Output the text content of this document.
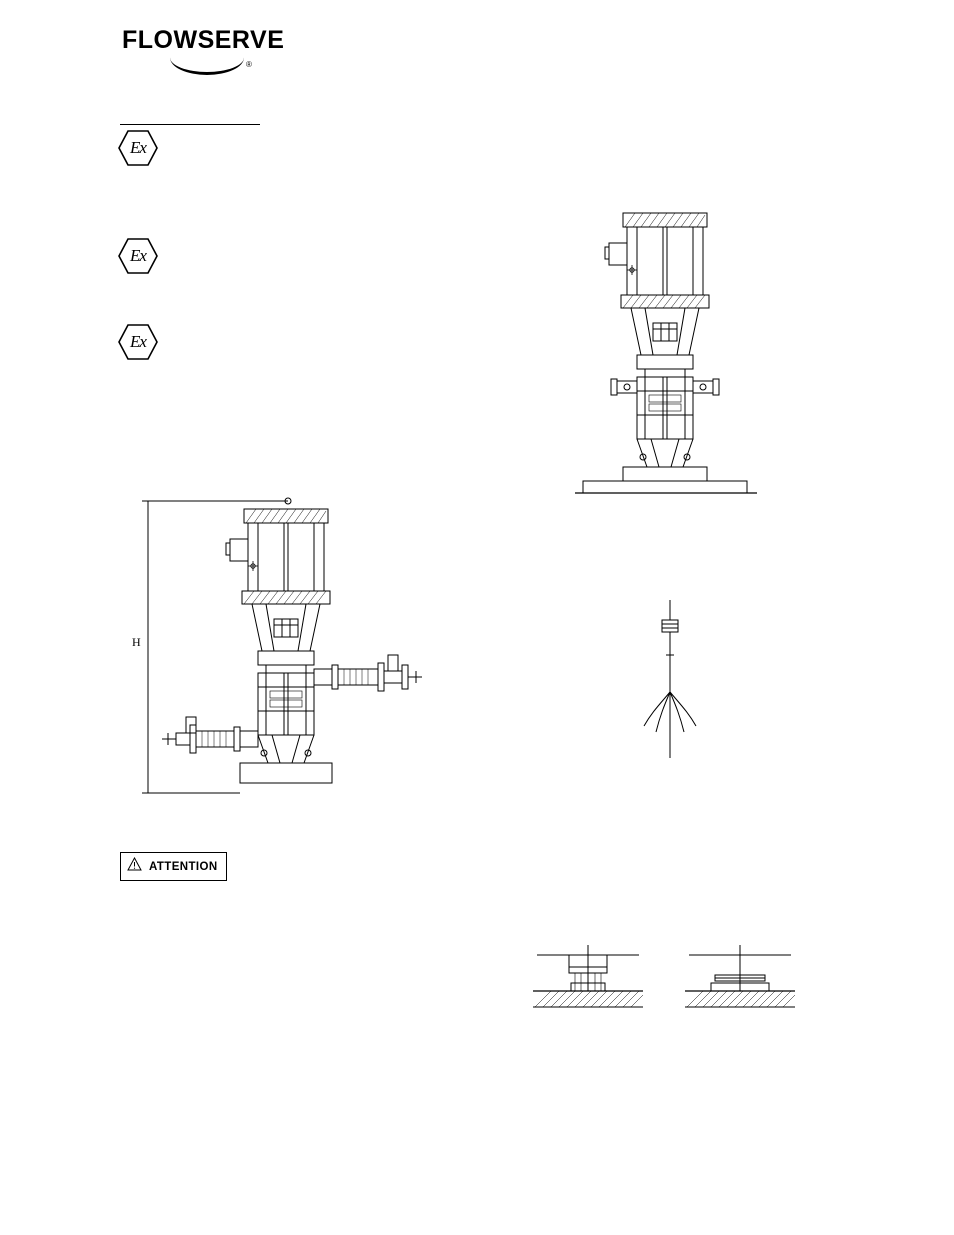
FLOWSERVE
®
Ex
Ex
Ex
H
ATTENTION
